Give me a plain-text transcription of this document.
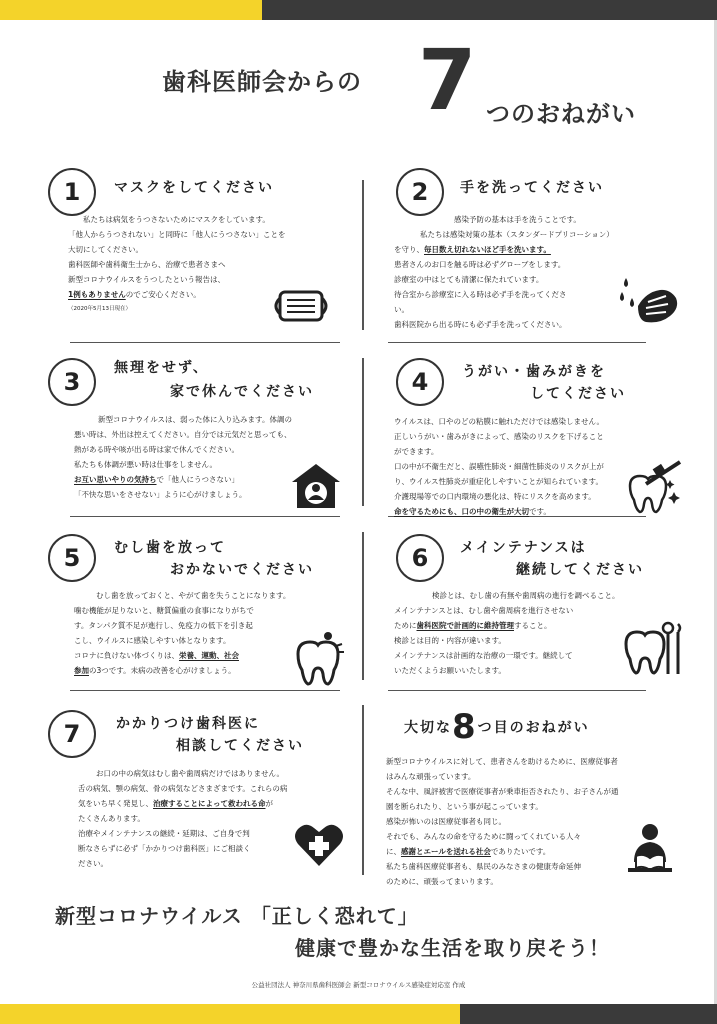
歯科医師会からの 7 つのおねがい
1	マスクをしてください

　　私たちは病気をうつさないためにマスクをしています。

「他人からうつされない」と同時に「他人にうつさない」ことを

大切にしてください。

歯科医師や歯科衛生士から、治療で患者さまへ

新型コロナウイルスをうつしたという報告は、

1例もありませんのでご安心ください。

（2020年5月13日現在）

2	手を洗ってください

感染予防の基本は手を洗うことです。

私たちは感染対策の基本（スタンダードプリコーション）

を守り、毎日数え切れないほど手を洗います。

患者さんのお口を触る時は必ずグローブをします。

診療室の中はとても清潔に保たれています。

待合室から診療室に入る時は必ず手を洗ってくださ

い。

歯科医院から出る時にも必ず手を洗ってください。

3	無理をせず、
家で休んでください

新型コロナウイルスは、弱った体に入り込みます。体調の

悪い時は、外出は控えてください。自分では元気だと思っても、

熱がある時や咳が出る時は家で休んでください。

私たちも体調が悪い時は仕事をしません。

お互い思いやりの気持ちで「他人にうつさない」

「不快な思いをさせない」ように心がけましょう。

4	うがい・歯みがきを
してください

ウイルスは、口やのどの粘膜に触れただけでは感染しません。

正しいうがい・歯みがきによって、感染のリスクを下げること

ができます。

口の中が不衛生だと、誤嚥性肺炎・細菌性肺炎のリスクが上が

り、ウイルス性肺炎が重症化しやすいことが知られています。

介護現場等での口内環境の悪化は、特にリスクを高めます。

命を守るためにも、口の中の衛生が大切です。

5	むし歯を放って
おかないでください

むし歯を放っておくと、やがて歯を失うことになります。

噛む機能が足りないと、糖質偏重の食事になりがちで

す。タンパク質不足が進行し、免疫力の低下を引き起

こし、ウイルスに感染しやすい体となります。

コロナに負けない体づくりは、栄養、運動、社会

参加の3つです。未病の改善を心がけましょう。

6	メインテナンスは
継続してください

検診とは、むし歯の有無や歯周病の進行を調べること。

メインテナンスとは、むし歯や歯周病を進行させない

ために歯科医院で計画的に維持管理すること。

検診とは目的・内容が違います。

メインテナンスは計画的な治療の一環です。継続して

いただくようお願いいたします。

7	かかりつけ歯科医に
相談してください

お口の中の病気はむし歯や歯周病だけではありません。

舌の病気、顎の病気、骨の病気などさまざまです。これらの病

気をいち早く発見し、治療することによって救われる命が

たくさんあります。

治療やメインテナンスの継続・延期は、ご自身で判

断なさらずに必ず「かかりつけ歯科医」にご相談く

ださい。

大切な8つ目のおねがい

新型コロナウイルスに対して、患者さんを助けるために、医療従事者

はみんな頑張っています。

そんな中、風評被害で医療従事者が乗車拒否されたり、お子さんが通

園を断られたり、という事が起こっています。

感染が怖いのは医療従事者も同じ。

それでも、みんなの命を守るために闘ってくれている人々

に、感謝とエールを送れる社会でありたいです。

私たち歯科医療従事者も、県民のみなさまの健康寿命延伸

のために、頑張ってまいります。

新型コロナウイルス 「正しく恐れて」
健康で豊かな生活を取り戻そう！
公益社団法人 神奈川県歯科医師会 新型コロナウイルス感染症対応室 作成
